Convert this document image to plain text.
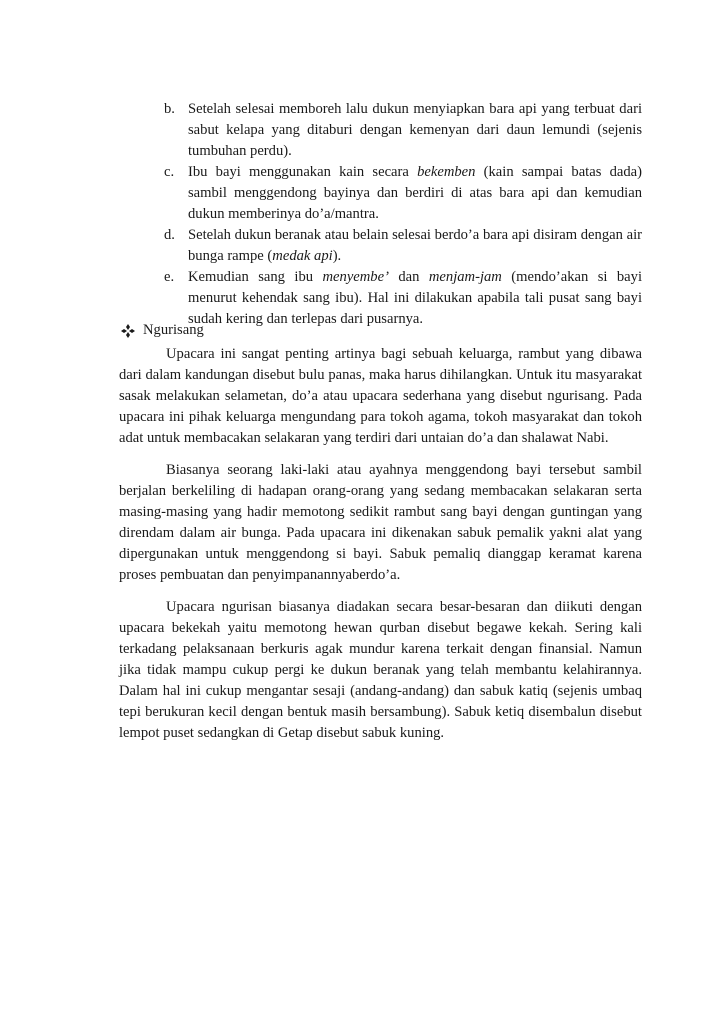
b. Setelah selesai memboreh lalu dukun menyiapkan bara api yang terbuat dari sabut kelapa yang ditaburi dengan kemenyan dari daun lemundi (sejenis tumbuhan perdu).
c. Ibu bayi menggunakan kain secara bekemben (kain sampai batas dada) sambil menggendong bayinya dan berdiri di atas bara api dan kemudian dukun memberinya do’a/mantra.
d. Setelah dukun beranak atau belain selesai berdo’a bara api disiram dengan air bunga rampe (medak api).
e. Kemudian sang ibu menyembe’ dan menjam-jam (mendo’akan si bayi menurut kehendak sang ibu). Hal ini dilakukan apabila tali pusat sang bayi sudah kering dan terlepas dari pusarnya.
Ngurisang

Upacara ini sangat penting artinya bagi sebuah keluarga, rambut yang dibawa dari dalam kandungan disebut bulu panas, maka harus dihilangkan. Untuk itu masyarakat sasak melakukan selametan, do’a atau upacara sederhana yang disebut ngurisang. Pada upacara ini pihak keluarga mengundang para tokoh agama, tokoh masyarakat dan tokoh adat untuk membacakan selakaran yang terdiri dari untaian do’a dan shalawat Nabi.

Biasanya seorang laki-laki atau ayahnya menggendong bayi tersebut sambil berjalan berkeliling di hadapan orang-orang yang sedang membacakan selakaran serta masing-masing yang hadir memotong sedikit rambut sang bayi dengan guntingan yang direndam dalam air bunga. Pada upacara ini dikenakan sabuk pemalik yakni alat yang dipergunakan untuk menggendong si bayi. Sabuk pemaliq dianggap keramat karena proses pembuatan dan penyimpanannyaberdo’a.

Upacara ngurisan biasanya diadakan secara besar-besaran dan diikuti dengan upacara bekekah yaitu memotong hewan qurban disebut begawe kekah. Sering kali terkadang pelaksanaan berkuris agak mundur karena terkait dengan finansial. Namun jika tidak mampu cukup pergi ke dukun beranak yang telah membantu kelahirannya. Dalam hal ini cukup mengantar sesaji (andang-andang) dan sabuk katiq (sejenis umbaq tepi berukuran kecil dengan bentuk masih bersambung). Sabuk ketiq disembalun disebut lempot puset sedangkan di Getap disebut sabuk kuning.
